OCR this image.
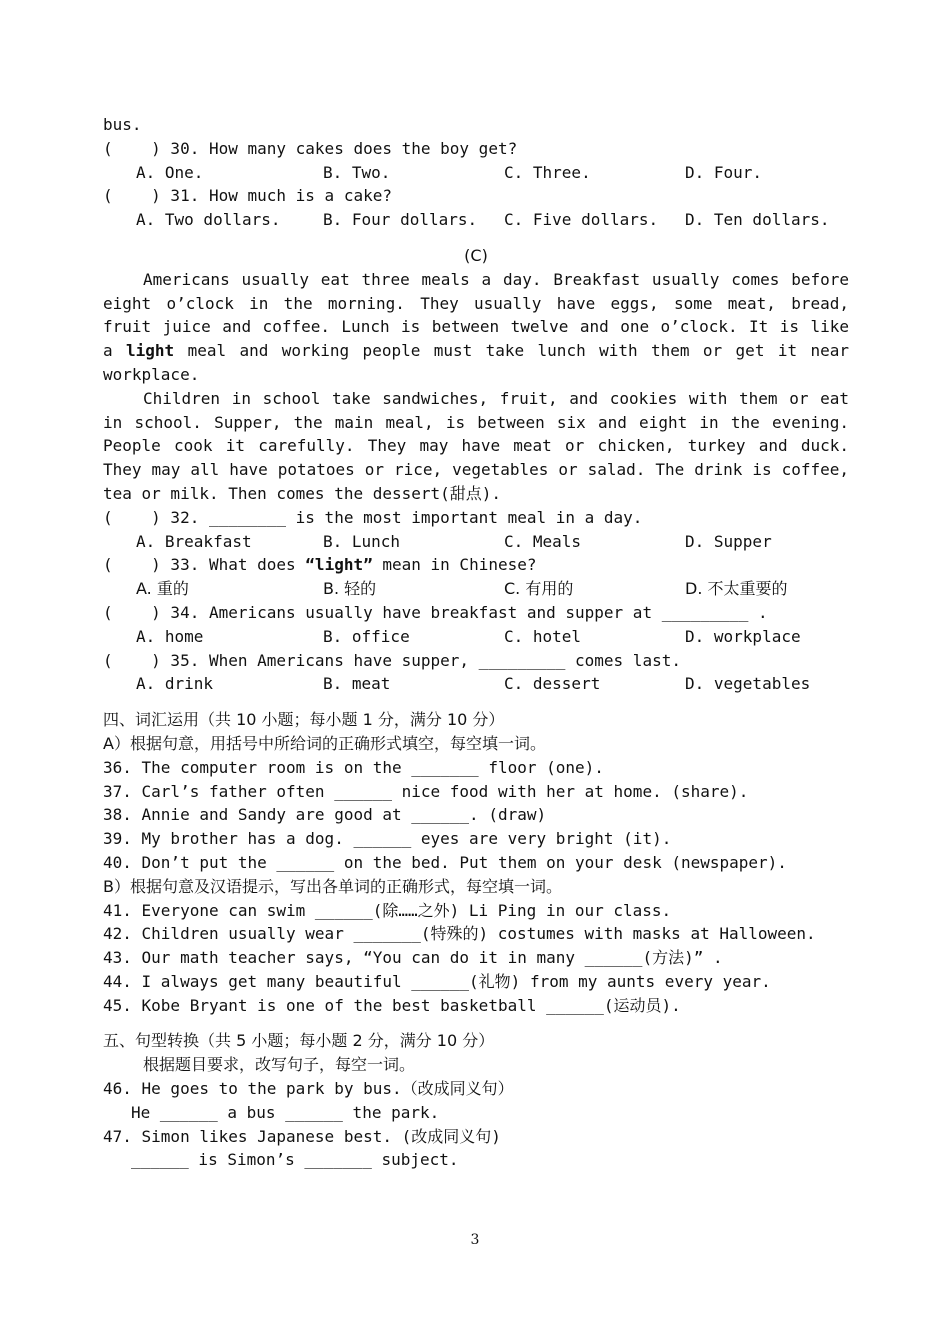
bus.
(    ) 30. How many cakes does the boy get?

A. One.

	B. Two.

	C. Three.

	D. Four.

(    ) 31. How much is a cake?

A. Two dollars.

	B. Four dollars.

C. Five dollars.

D. Ten dollars.

(C)
Americans usually eat three meals a day. Breakfast usually comes before
eight o’clock in the morning. They usually have eggs, some meat, bread,
fruit juice and coffee. Lunch is between twelve and one o’clock. It is like
a light meal and working people must take lunch with them or get it near
workplace.
Children in school take sandwiches, fruit, and cookies with them or eat
in school. Supper, the main meal, is between six and eight in the evening.
People cook it carefully. They may have meat or chicken, turkey and duck.
They may all have potatoes or rice, vegetables or salad. The drink is coffee,
tea or milk. Then comes the dessert(甜点).
(    ) 32. ________ is the most important meal in a day.

A. Breakfast

	B. Lunch

	C. Meals

	D. Supper

(    ) 33. What does “light” mean in Chinese?

A. 重的

	B. 轻的

	C. 有用的

	D. 不太重要的

(    ) 34. Americans usually have breakfast and supper at _________ .

A. home

	B. office

	C. hotel

	D. workplace

(    ) 35. When Americans have supper, _________ comes last.

A. drink

	B. meat

	C. dessert

	D. vegetables

四、词汇运用（共 10 小题；每小题 1 分，满分 10 分）
A）根据句意，用括号中所给词的正确形式填空，每空填一词。
36. The computer room is on the _______ floor (one).
37. Carl’s father often ______ nice food with her at home. (share).
38. Annie and Sandy are good at ______. (draw)
39. My brother has a dog. ______ eyes are very bright (it).
40. Don’t put the ______ on the bed. Put them on your desk (newspaper).
B）根据句意及汉语提示，写出各单词的正确形式，每空填一词。
41. Everyone can swim ______(除……之外) Li Ping in our class.
42. Children usually wear _______(特殊的) costumes with masks at Halloween.
43. Our math teacher says, “You can do it in many ______(方法)” .
44. I always get many beautiful ______(礼物) from my aunts every year.
45. Kobe Bryant is one of the best basketball ______(运动员).
五、句型转换（共 5 小题；每小题 2 分，满分 10 分）
根据题目要求，改写句子，每空一词。
46. He goes to the park by bus.（改成同义句）
He ______ a bus ______ the park.
47. Simon likes Japanese best. (改成同义句)
______ is Simon’s _______ subject.
3
